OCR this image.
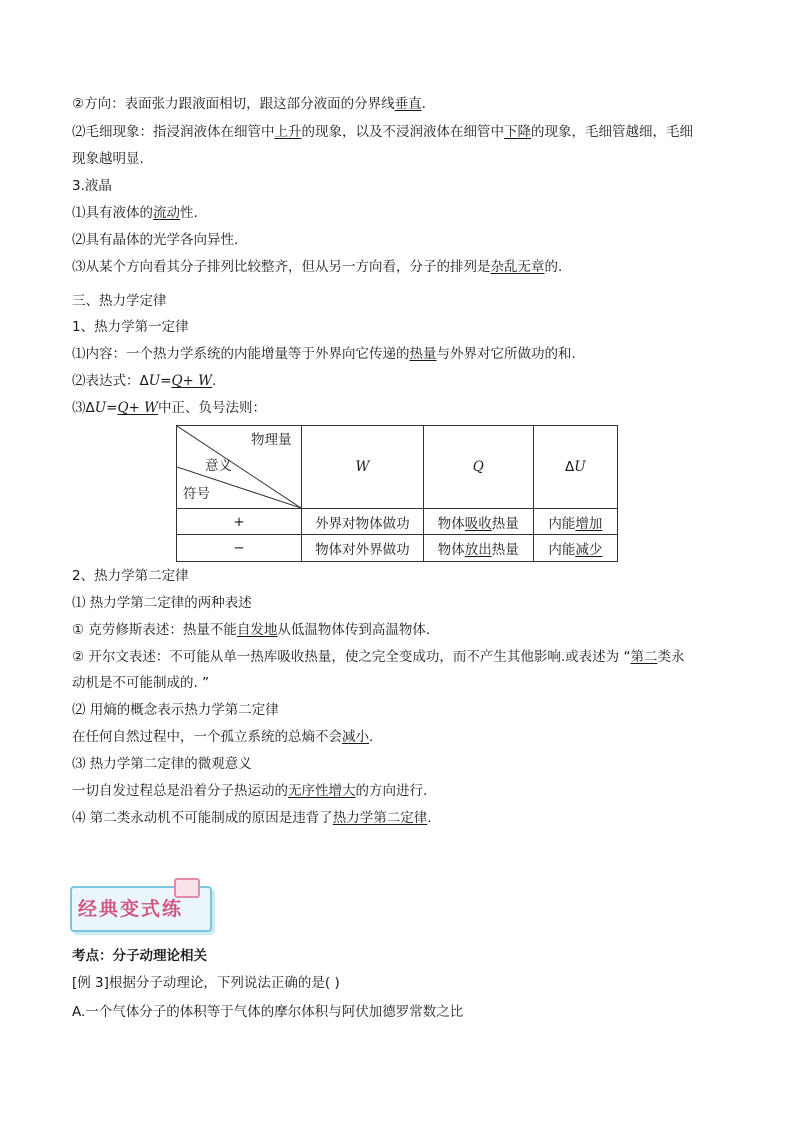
②方向：表面张力跟液面相切，跟这部分液面的分界线垂直.
⑵毛细现象：指浸润液体在细管中上升的现象，以及不浸润液体在细管中下降的现象，毛细管越细，毛细
现象越明显.
3.液晶
⑴具有液体的流动性.
⑵具有晶体的光学各向异性.
⑶从某个方向看其分子排列比较整齐，但从另一方向看，分子的排列是杂乱无章的.
三、热力学定律
1、热力学第一定律
⑴内容：一个热力学系统的内能增量等于外界向它传递的热量与外界对它所做功的和.
⑵表达式：ΔU=Q+ W.
⑶ΔU=Q+ W中正、负号法则：
物理量
意义
符号	W	Q	ΔU
+	外界对物体做功	物体吸收热量	内能增加
−	物体对外界做功	物体放出热量	内能减少
2、热力学第二定律
⑴ 热力学第二定律的两种表述
① 克劳修斯表述：热量不能自发地从低温物体传到高温物体.
② 开尔文表述：不可能从单一热库吸收热量，使之完全变成功，而不产生其他影响.或表述为 “第二类永
动机是不可能制成的. ”
⑵ 用熵的概念表示热力学第二定律
在任何自然过程中，一个孤立系统的总熵不会减小.
⑶ 热力学第二定律的微观意义
一切自发过程总是沿着分子热运动的无序性增大的方向进行.
⑷ 第二类永动机不可能制成的原因是违背了热力学第二定律.
经典变式练
考点：分子动理论相关
[例 3]根据分子动理论，下列说法正确的是( )
A.一个气体分子的体积等于气体的摩尔体积与阿伏加德罗常数之比
